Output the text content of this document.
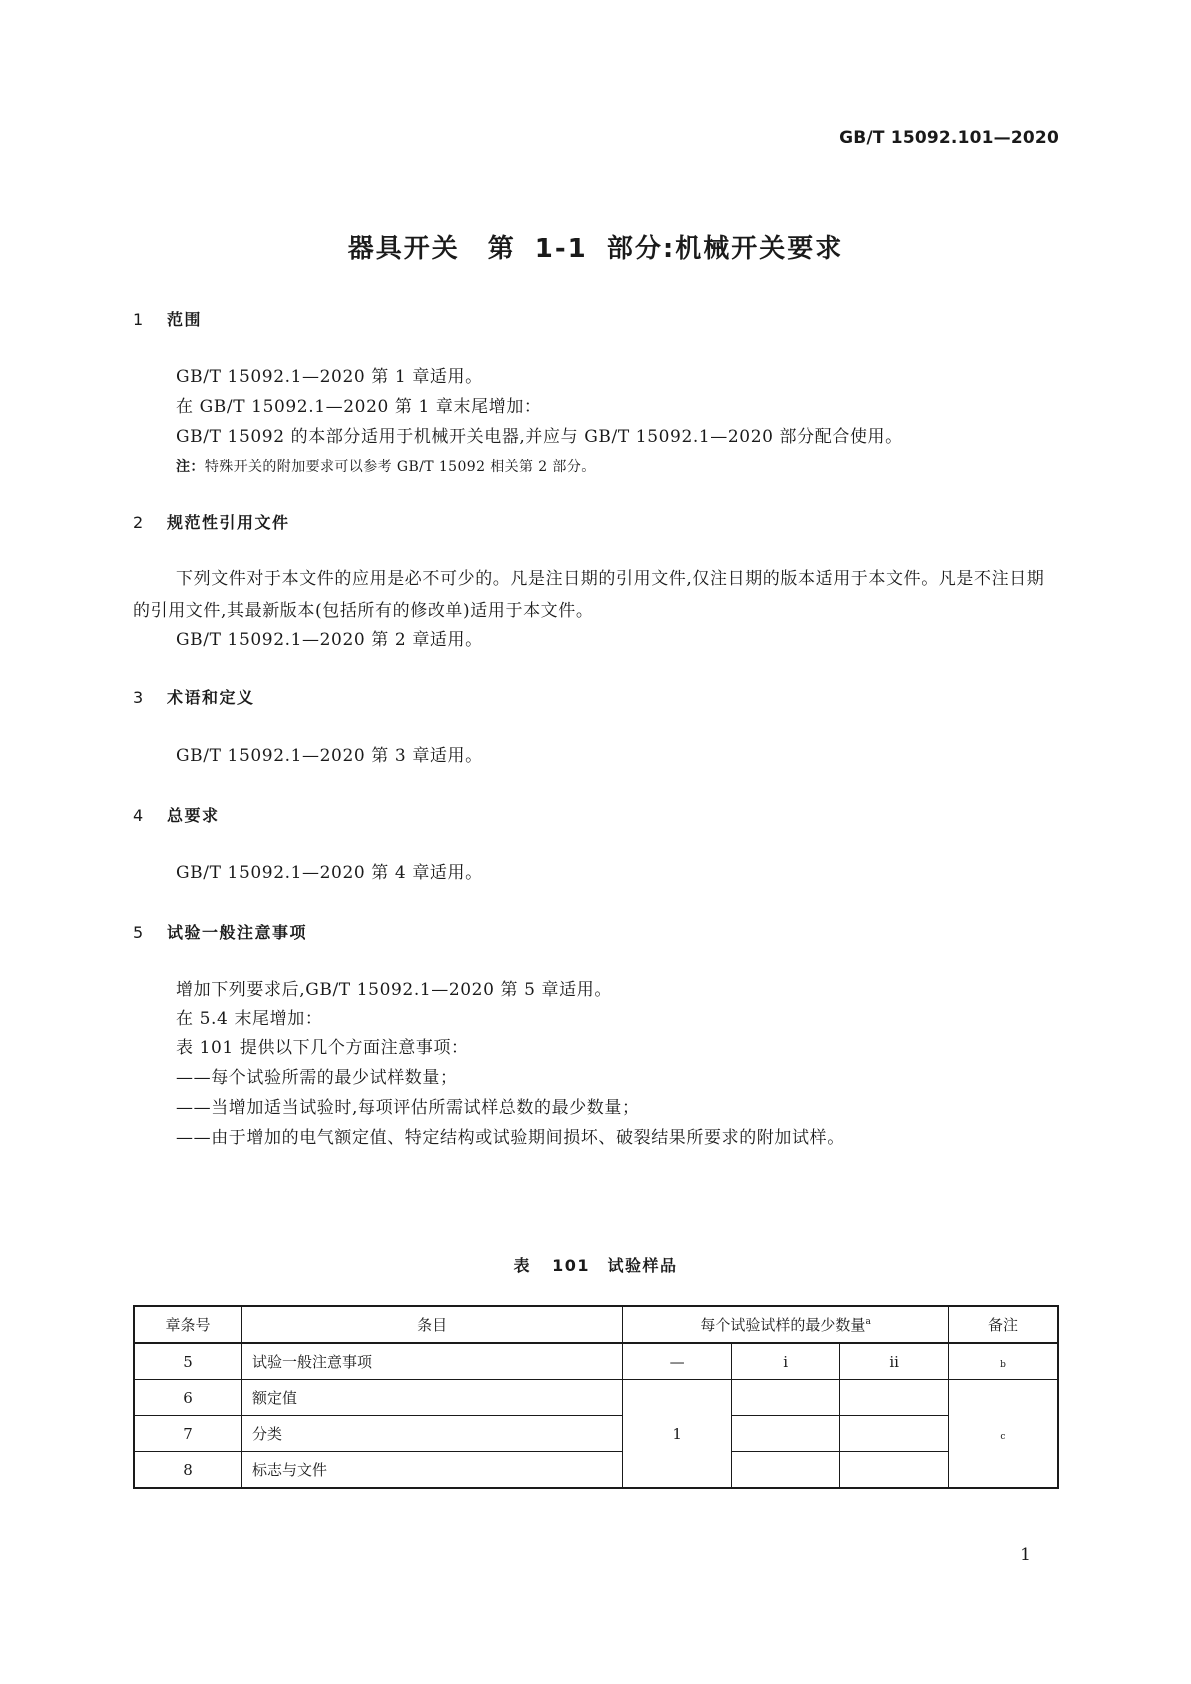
GB/T 15092.101—2020
器具开关　第 1-1 部分:机械开关要求
1 范围
GB/T 15092.1—2020 第 1 章适用。
在 GB/T 15092.1—2020 第 1 章末尾增加：
GB/T 15092 的本部分适用于机械开关电器,并应与 GB/T 15092.1—2020 部分配合使用。
注：特殊开关的附加要求可以参考 GB/T 15092 相关第 2 部分。
2 规范性引用文件
下列文件对于本文件的应用是必不可少的。凡是注日期的引用文件,仅注日期的版本适用于本文件。凡是不注日期的引用文件,其最新版本(包括所有的修改单)适用于本文件。
GB/T 15092.1—2020 第 2 章适用。
3 术语和定义
GB/T 15092.1—2020 第 3 章适用。
4 总要求
GB/T 15092.1—2020 第 4 章适用。
5 试验一般注意事项
增加下列要求后,GB/T 15092.1—2020 第 5 章适用。
在 5.4 末尾增加：
表 101 提供以下几个方面注意事项：
——每个试验所需的最少试样数量；
——当增加适当试验时,每项评估所需试样总数的最少数量；
——由于增加的电气额定值、特定结构或试验期间损坏、破裂结果所要求的附加试样。
表 101　试验样品
章条号	条目	每个试验试样的最少数量$^a$			备注
5	试验一般注意事项	—	i	ii	b
6	额定值	1			c
7	分类				
8	标志与文件				
1
